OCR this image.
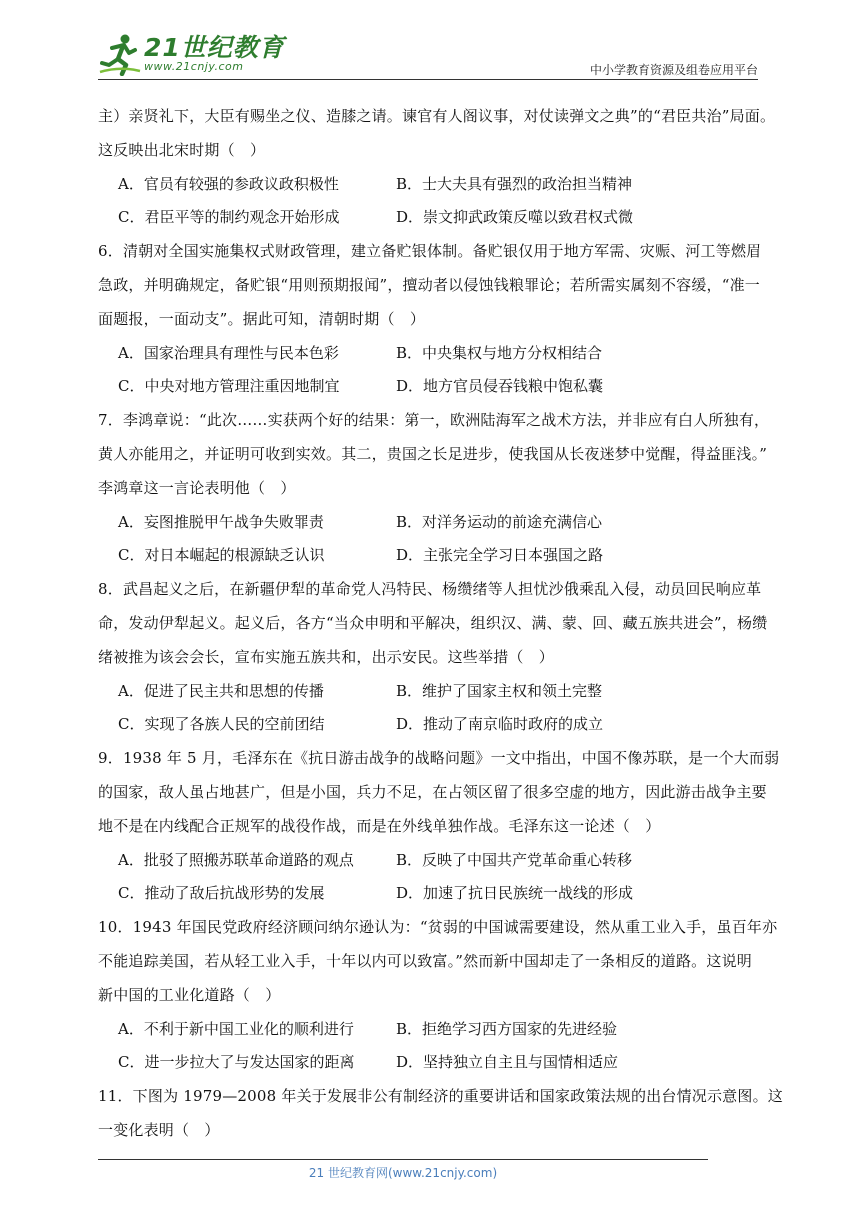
21世纪教育
www.21cnjy.com	中小学教育资源及组卷应用平台
主）亲贤礼下，大臣有赐坐之仪、造膝之请。谏官有人阁议事，对仗读弹文之典”的“君臣共治”局面。
这反映出北宋时期（　）
A．官员有较强的参政议政积极性	B．士大夫具有强烈的政治担当精神
C．君臣平等的制约观念开始形成	D．崇文抑武政策反噬以致君权式微
6．清朝对全国实施集权式财政管理，建立备贮银体制。备贮银仅用于地方军需、灾赈、河工等燃眉
急政，并明确规定，备贮银“用则预期报闻”，擅动者以侵蚀钱粮罪论；若所需实属刻不容缓，“准一
面题报，一面动支”。据此可知，清朝时期（　）
A．国家治理具有理性与民本色彩	B．中央集权与地方分权相结合
C．中央对地方管理注重因地制宜	D．地方官员侵吞钱粮中饱私囊
7．李鸿章说：“此次……实获两个好的结果：第一，欧洲陆海军之战术方法，并非应有白人所独有，
黄人亦能用之，并证明可收到实效。其二，贵国之长足进步，使我国从长夜迷梦中觉醒，得益匪浅。”
李鸿章这一言论表明他（　）
A．妄图推脱甲午战争失败罪责	B．对洋务运动的前途充满信心
C．对日本崛起的根源缺乏认识	D．主张完全学习日本强国之路
8．武昌起义之后，在新疆伊犁的革命党人冯特民、杨缵绪等人担忧沙俄乘乱入侵，动员回民响应革
命，发动伊犁起义。起义后，各方“当众申明和平解决，组织汉、满、蒙、回、藏五族共进会”，杨缵
绪被推为该会会长，宣布实施五族共和，出示安民。这些举措（　）
A．促进了民主共和思想的传播	B．维护了国家主权和领土完整
C．实现了各族人民的空前团结	D．推动了南京临时政府的成立
9．1938 年 5 月，毛泽东在《抗日游击战争的战略问题》一文中指出，中国不像苏联，是一个大而弱
的国家，敌人虽占地甚广，但是小国，兵力不足，在占领区留了很多空虚的地方，因此游击战争主要
地不是在内线配合正规军的战役作战，而是在外线单独作战。毛泽东这一论述（　）
A．批驳了照搬苏联革命道路的观点	B．反映了中国共产党革命重心转移
C．推动了敌后抗战形势的发展	D．加速了抗日民族统一战线的形成
10．1943 年国民党政府经济顾问纳尔逊认为：“贫弱的中国诚需要建设，然从重工业入手，虽百年亦
不能追踪美国，若从轻工业入手，十年以内可以致富。”然而新中国却走了一条相反的道路。这说明
新中国的工业化道路（　）
A．不利于新中国工业化的顺利进行	B．拒绝学习西方国家的先进经验
C．进一步拉大了与发达国家的距离	D．坚持独立自主且与国情相适应
11．下图为 1979—2008 年关于发展非公有制经济的重要讲话和国家政策法规的出台情况示意图。这
一变化表明（　）
21 世纪教育网(www.21cnjy.com)
